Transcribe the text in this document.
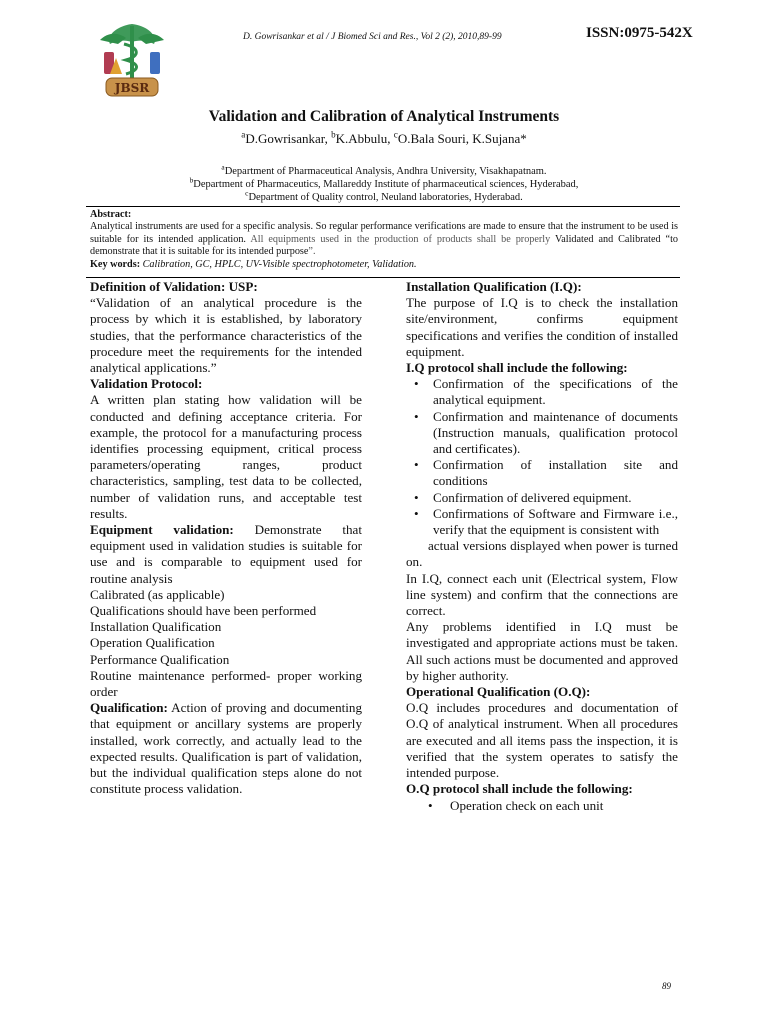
JBSR
D. Gowrisankar et al / J Biomed Sci and Res., Vol 2 (2), 2010,89-99	ISSN:0975-542X
Validation and Calibration of Analytical Instruments
$^a$D.Gowrisankar, $^b$K.Abbulu, $^c$O.Bala Souri, K.Sujana*
$^a$Department of Pharmaceutical Analysis, Andhra University, Visakhapatnam.
$^b$Department of Pharmaceutics, Mallareddy Institute of pharmaceutical sciences, Hyderabad,
$^c$Department of Quality control, Neuland laboratories, Hyderabad.
Abstract:
Analytical instruments are used for a specific analysis. So regular performance verifications are made to ensure that the instrument to be used is suitable for its intended application. All equipments used in the production of products shall be properly Validated and Calibrated “to demonstrate that it is suitable for its intended purpose”.
Key words: Calibration, GC, HPLC, UV-Visible spectrophotometer, Validation.

Definition of Validation: USP:

“Validation of an analytical procedure is the process by which it is established, by laboratory studies, that the performance characteristics of the procedure meet the requirements for the intended analytical applications.”

Validation Protocol:

A written plan stating how validation will be conducted and defining acceptance criteria. For example, the protocol for a manufacturing process identifies processing equipment, critical process parameters/operating ranges, product characteristics, sampling, test data to be collected, number of validation runs, and acceptable test results.

Equipment validation: Demonstrate that equipment used in validation studies is suitable for use and is comparable to equipment used for routine analysis

Calibrated (as applicable)

Qualifications should have been performed

Installation Qualification

Operation Qualification

Performance Qualification

Routine maintenance performed- proper working order

Qualification: Action of proving and documenting that equipment or ancillary systems are properly installed, work correctly, and actually lead to the expected results. Qualification is part of validation, but the individual qualification steps alone do not constitute process validation.

Installation Qualification (I.Q):

The purpose of I.Q is to check the installation site/environment, confirms equipment specifications and verifies the condition of installed equipment.

I.Q protocol shall include the following:

• Confirmation of the specifications of the analytical equipment.
• Confirmation and maintenance of documents (Instruction manuals, qualification protocol and certificates).
• Confirmation of installation site and conditions
• Confirmation of delivered equipment.
• Confirmations of Software and Firmware i.e., verify that the equipment is consistent with

actual versions displayed when power is turned on.

In I.Q, connect each unit (Electrical system, Flow line system) and confirm that the connections are correct.

Any problems identified in I.Q must be investigated and appropriate actions must be taken. All such actions must be documented and approved by higher authority.

Operational Qualification (O.Q):

O.Q includes procedures and documentation of O.Q of analytical instrument. When all procedures are executed and all items pass the inspection, it is verified that the system operates to satisfy the intended purpose.

O.Q protocol shall include the following:

• Operation check on each unit
89
